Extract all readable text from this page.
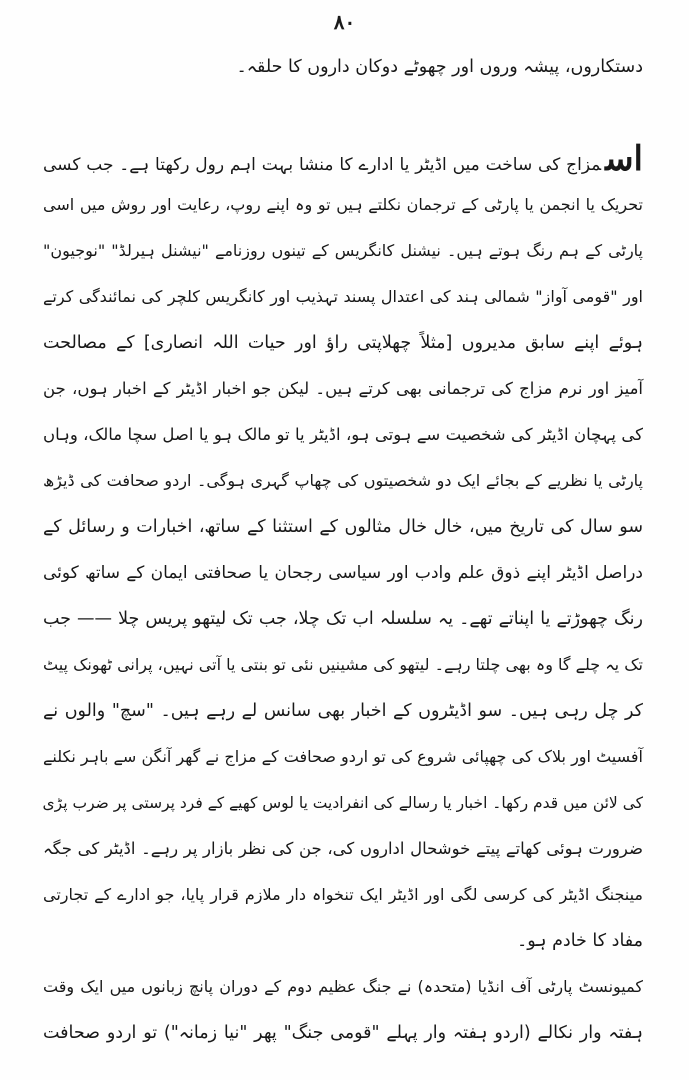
۸۰
دستکاروں، پیشہ وروں اور چھوٹے دوکان داروں کا حلقہ۔
اسمزاج کی ساخت میں اڈیٹر یا ادارے کا منشا بہت اہم رول رکھتا ہے۔ جب کسی
تحریک یا انجمن یا پارٹی کے ترجمان نکلتے ہیں تو وہ اپنے روپ، رعایت اور روش میں اسی
پارٹی کے ہم رنگ ہوتے ہیں۔ نیشنل کانگریس کے تینوں روزنامے "نیشنل ہیرلڈ" "نوجیون"
اور "قومی آواز" شمالی ہند کی اعتدال پسند تہذیب اور کانگریس کلچر کی نمائندگی کرتے
ہوئے اپنے سابق مدیروں [مثلاً چھلاپتی راؤ اور حیات اللہ انصاری] کے مصالحت
آمیز اور نرم مزاج کی ترجمانی بھی کرتے ہیں۔ لیکن جو اخبار اڈیٹر کے اخبار ہوں، جن
کی پہچان اڈیٹر کی شخصیت سے ہوتی ہو، اڈیٹر یا تو مالک ہو یا اصل سچا مالک، وہاں
پارٹی یا نظریے کے بجائے ایک دو شخصیتوں کی چھاپ گہری ہوگی۔ اردو صحافت کی ڈیڑھ
سو سال کی تاریخ میں، خال خال مثالوں کے استثنا کے ساتھ، اخبارات و رسائل کے
دراصل اڈیٹر اپنے ذوق علم وادب اور سیاسی رجحان یا صحافتی ایمان کے ساتھ کوئی
رنگ چھوڑتے یا اپناتے تھے۔ یہ سلسلہ اب تک چلا، جب تک لیتھو پریس چلا —— جب
تک یہ چلے گا وہ بھی چلتا رہے۔ لیتھو کی مشینیں نئی تو بنتی یا آتی نہیں، پرانی ٹھونک پیٹ
کر چل رہی ہیں۔ سو اڈیٹروں کے اخبار بھی سانس لے رہے ہیں۔ "سچ" والوں نے
آفسیٹ اور بلاک کی چھپائی شروع کی تو اردو صحافت کے مزاج نے گھر آنگن سے باہر نکلنے
کی لائن میں قدم رکھا۔ اخبار یا رسالے کی انفرادیت یا لوس کھیے کے فرد پرستی پر ضرب پڑی
ضرورت ہوئی کھاتے پیتے خوشحال اداروں کی، جن کی نظر بازار پر رہے۔ اڈیٹر کی جگہ
مینجنگ اڈیٹر کی کرسی لگی اور اڈیٹر ایک تنخواہ دار ملازم قرار پایا، جو ادارے کے تجارتی
مفاد کا خادم ہو۔
کمیونسٹ پارٹی آف انڈیا (متحدہ) نے جنگ عظیم دوم کے دوران پانچ زبانوں میں ایک وقت
ہفتہ وار نکالے (اردو ہفتہ وار پہلے "قومی جنگ" پھر "نیا زمانہ") تو اردو صحافت
